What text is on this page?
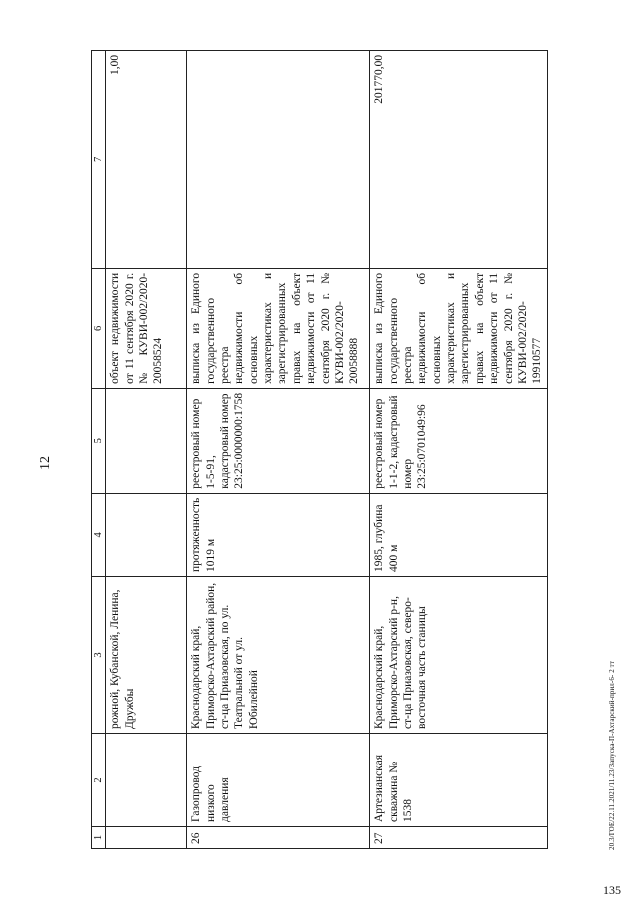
12
1	2	3	4	5	6	7
		рожной, Кубанской, Ленина, Дружбы			объект недвижимости от 11 сентября 2020 г. № КУВИ-002/2020-20058524	1,00
26	Газопровод низкого давления	Краснодарский край, Приморско-Ахтарский район, ст-ца Приазовская, по ул. Театральной от ул. Юбилейной	протяженность 1019 м	реестровый номер 1-5-91, кадастровый номер 23:25:0000000:1758	выписка из Единого государственного реестра недвижимости об основных характеристиках и зарегистрированных правах на объект недвижимости от 11 сентября 2020 г. № КУВИ-002/2020-20058888	
27	Артезианская скважина № 1538	Краснодарский край, Приморско-Ахтарский р-н, ст-ца Приазовская, северо-восточная часть станицы	1985, глубина 400 м	реестровый номер 1-1-2, кадастровый номер 23:25:0701049:96	выписка из Единого государственного реестра недвижимости об основных характеристиках и зарегистрированных правах на объект недвижимости от 11 сентября 2020 г. № КУВИ-002/2020-19910577	201770,00
135
20.3/ГОЕ/22.11.2021/11.23/Запуска-П-Ахтарский-прил-6- 2 тт
